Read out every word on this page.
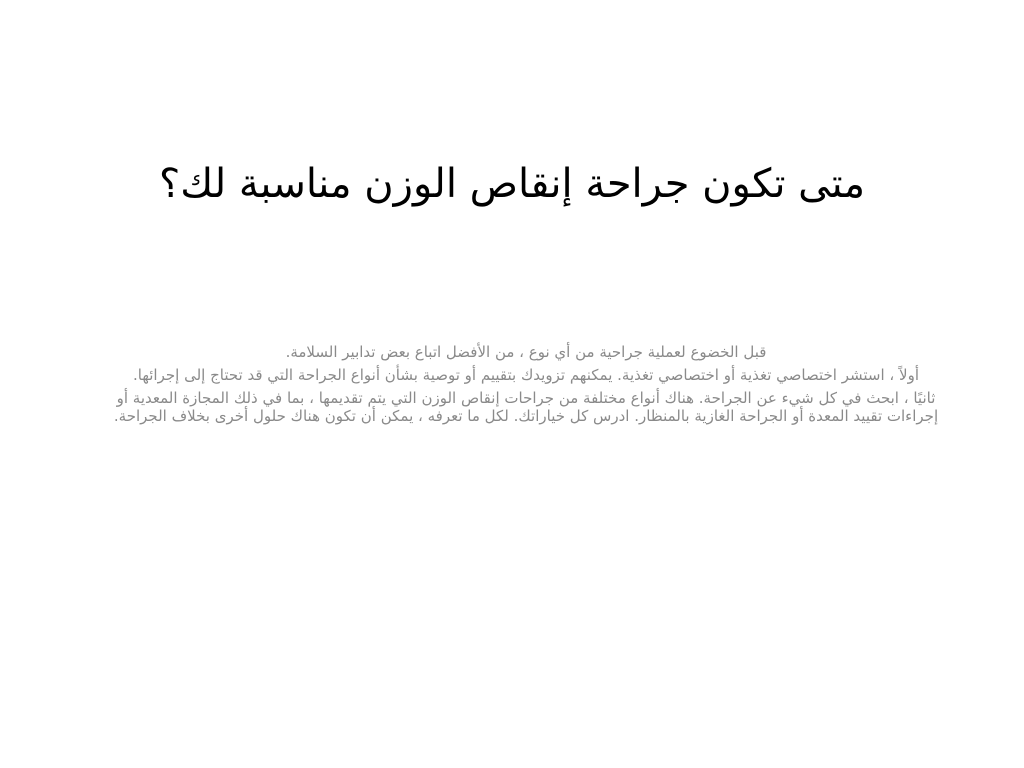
متى تكون جراحة إنقاص الوزن مناسبة لك؟

قبل الخضوع لعملية جراحية من أي نوع ، من الأفضل اتباع بعض تدابير السلامة.

أولاً ، استشر اختصاصي تغذية أو اختصاصي تغذية. يمكنهم تزويدك بتقييم أو توصية بشأن أنواع الجراحة التي قد تحتاج إلى إجرائها.

ثانيًا ، ابحث في كل شيء عن الجراحة. هناك أنواع مختلفة من جراحات إنقاص الوزن التي يتم تقديمها ، بما في ذلك المجازة المعدية أو إجراءات تقييد المعدة أو الجراحة الغازية بالمنظار. ادرس كل خياراتك. لكل ما تعرفه ، يمكن أن تكون هناك حلول أخرى بخلاف الجراحة.
